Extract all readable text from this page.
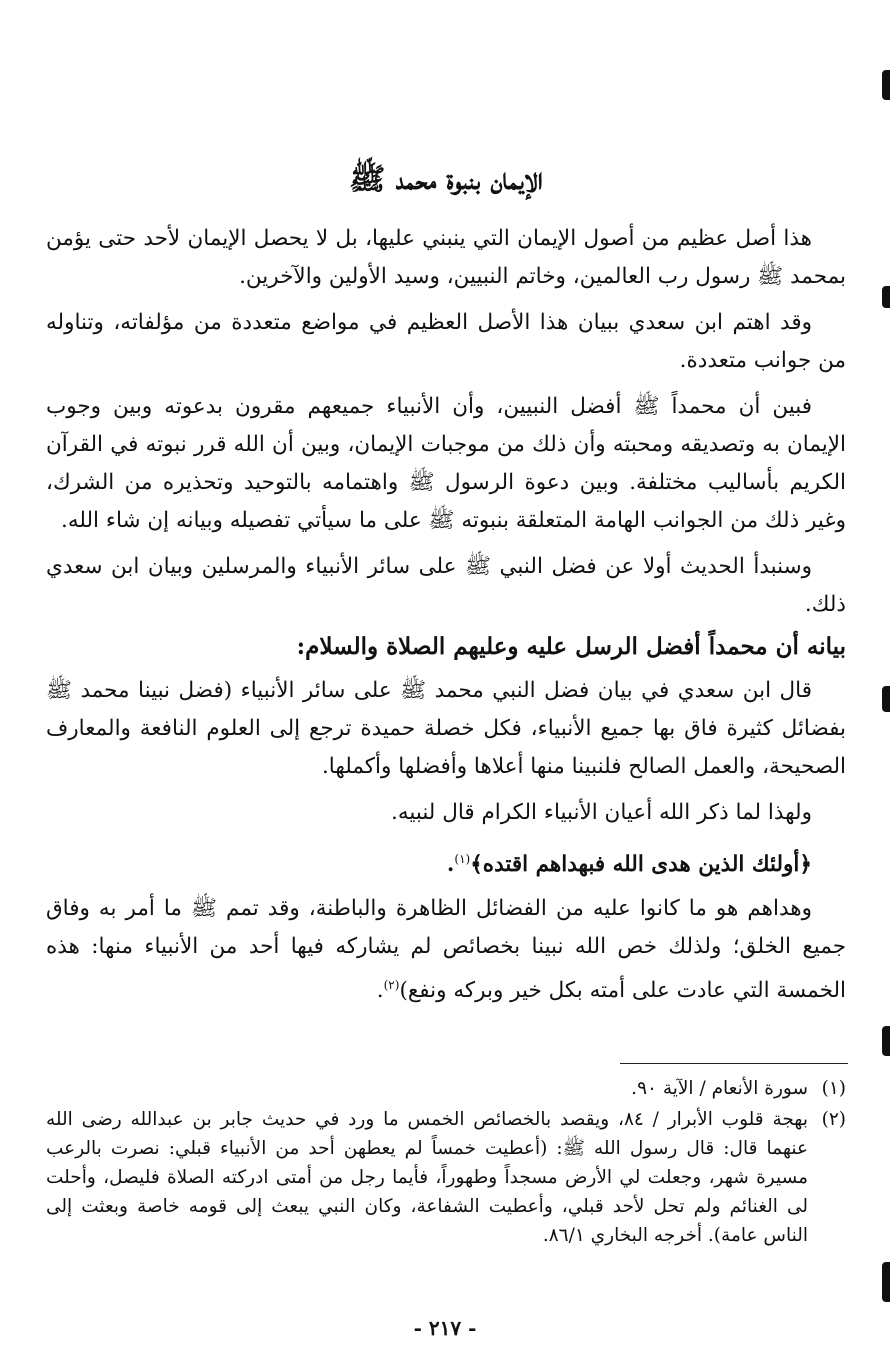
الإيمان بنبوة محمد ﷺ

هذا أصل عظيم من أصول الإيمان التي ينبني عليها، بل لا يحصل الإيمان لأحد حتى يؤمن بمحمد ﷺ رسول رب العالمين، وخاتم النبيين، وسيد الأولين والآخرين.

وقد اهتم ابن سعدي ببيان هذا الأصل العظيم في مواضع متعددة من مؤلفاته، وتناوله من جوانب متعددة.

فبين أن محمداً ﷺ أفضل النبيين، وأن الأنبياء جميعهم مقرون بدعوته وبين وجوب الإيمان به وتصديقه ومحبته وأن ذلك من موجبات الإيمان، وبين أن الله قرر نبوته في القرآن الكريم بأساليب مختلفة. وبين دعوة الرسول ﷺ واهتمامه بالتوحيد وتحذيره من الشرك، وغير ذلك من الجوانب الهامة المتعلقة بنبوته ﷺ على ما سيأتي تفصيله وبيانه إن شاء الله.

وسنبدأ الحديث أولا عن فضل النبي ﷺ على سائر الأنبياء والمرسلين وبيان ابن سعدي ذلك.

بيانه أن محمداً أفضل الرسل عليه وعليهم الصلاة والسلام:

قال ابن سعدي في بيان فضل النبي محمد ﷺ على سائر الأنبياء (فضل نبينا محمد ﷺ بفضائل كثيرة فاق بها جميع الأنبياء، فكل خصلة حميدة ترجع إلى العلوم النافعة والمعارف الصحيحة، والعمل الصالح فلنبينا منها أعلاها وأفضلها وأكملها.

ولهذا لما ذكر الله أعيان الأنبياء الكرام قال لنبيه.

﴿أولئك الذين هدى الله فبهداهم اقتده﴾$^{(١)}$.

وهداهم هو ما كانوا عليه من الفضائل الظاهرة والباطنة، وقد تمم ﷺ ما أمر به وفاق جميع الخلق؛ ولذلك خص الله نبينا بخصائص لم يشاركه فيها أحد من الأنبياء منها: هذه الخمسة التي عادت على أمته بكل خير وبركه ونفع)$^{(٢)}$.

(١)
سورة الأنعام / الآية ٩٠.
(٢)
بهجة قلوب الأبرار / ٨٤، ويقصد بالخصائص الخمس ما ورد في حديث جابر بن عبدالله رضى الله عنهما قال: قال رسول الله ﷺ: (أعطيت خمساً لم يعطهن أحد من الأنبياء قبلي: نصرت بالرعب مسيرة شهر، وجعلت لي الأرض مسجداً وطهوراً، فأيما رجل من أمتى ادركته الصلاة فليصل، وأحلت لى الغنائم ولم تحل لأحد قبلي، وأعطيت الشفاعة، وكان النبي يبعث إلى قومه خاصة وبعثت إلى الناس عامة). أخرجه البخاري ٨٦/١.
- ٢١٧ -
